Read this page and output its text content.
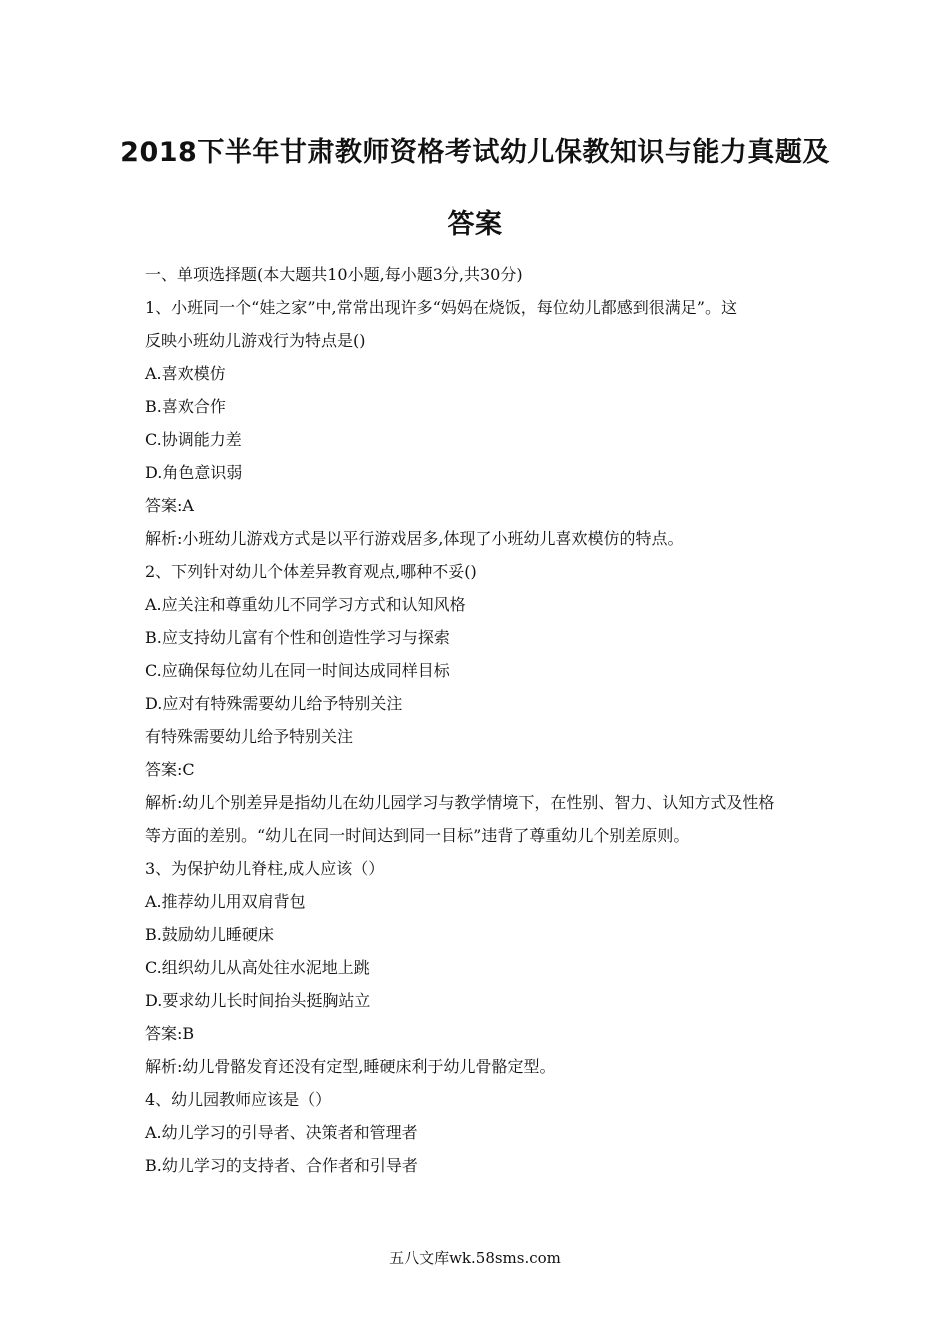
2018下半年甘肃教师资格考试幼儿保教知识与能力真题及
答案
一、单项选择题(本大题共10小题,每小题3分,共30分)
1、小班同一个“娃之家”中,常常出现许多“妈妈在烧饭，每位幼儿都感到很满足”。这
反映小班幼儿游戏行为特点是()
A.喜欢模仿
B.喜欢合作
C.协调能力差
D.角色意识弱
答案:A
解析:小班幼儿游戏方式是以平行游戏居多,体现了小班幼儿喜欢模仿的特点。
2、下列针对幼儿个体差异教育观点,哪种不妥()
A.应关注和尊重幼儿不同学习方式和认知风格
B.应支持幼儿富有个性和创造性学习与探索
C.应确保每位幼儿在同一时间达成同样目标
D.应对有特殊需要幼儿给予特别关注
有特殊需要幼儿给予特别关注
答案:C
解析:幼儿个别差异是指幼儿在幼儿园学习与教学情境下，在性别、智力、认知方式及性格
等方面的差别。“幼儿在同一时间达到同一目标”违背了尊重幼儿个别差原则。
3、为保护幼儿脊柱,成人应该（）
A.推荐幼儿用双肩背包
B.鼓励幼儿睡硬床
C.组织幼儿从高处往水泥地上跳
D.要求幼儿长时间抬头挺胸站立
答案:B
解析:幼儿骨骼发育还没有定型,睡硬床利于幼儿骨骼定型。
4、幼儿园教师应该是（）
A.幼儿学习的引导者、决策者和管理者
B.幼儿学习的支持者、合作者和引导者
五八文库wk.58sms.com
